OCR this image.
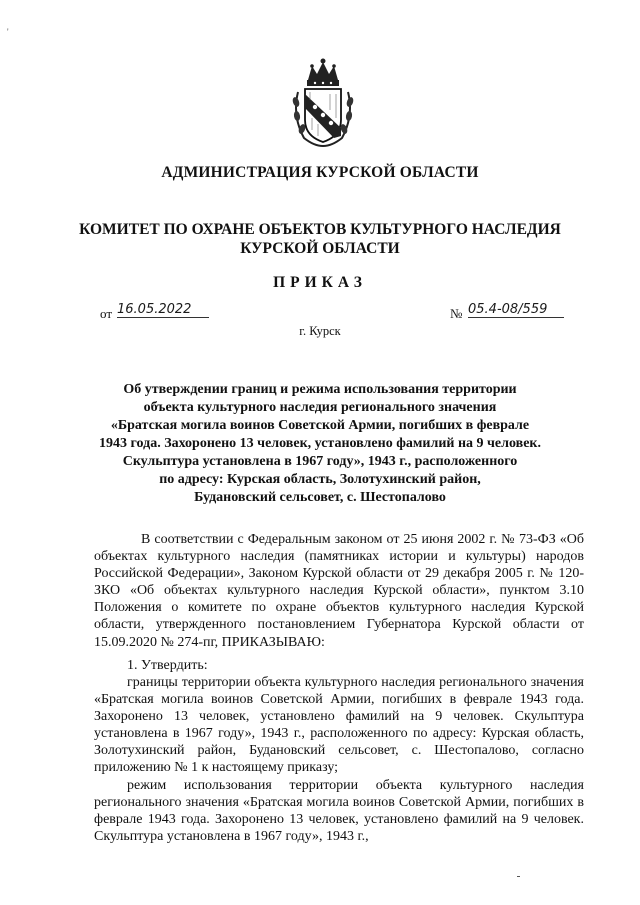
'
АДМИНИСТРАЦИЯ КУРСКОЙ ОБЛАСТИ
КОМИТЕТ ПО ОХРАНЕ ОБЪЕКТОВ КУЛЬТУРНОГО НАСЛЕДИЯ
КУРСКОЙ ОБЛАСТИ
ПРИКАЗ
от 16.05.2022	№ 05.4-08/559
г. Курск
Об утверждении границ и режима использования территории
объекта культурного наследия регионального значения
«Братская могила воинов Советской Армии, погибших в феврале
1943 года. Захоронено 13 человек, установлено фамилий на 9 человек.
Скульптура установлена в 1967 году», 1943 г., расположенного
по адресу: Курская область, Золотухинский район,
Будановский сельсовет, с. Шестопалово
В соответствии с Федеральным законом от 25 июня 2002 г. № 73-ФЗ «Об объектах культурного наследия (памятниках истории и культуры) народов Российской Федерации», Законом Курской области от 29 декабря 2005 г. № 120-ЗКО «Об объектах культурного наследия Курской области», пунктом 3.10 Положения о комитете по охране объектов культурного наследия Курской области, утвержденного постановлением Губернатора Курской области от 15.09.2020 № 274-пг, ПРИКАЗЫВАЮ:
1. Утвердить:
границы территории объекта культурного наследия регионального значения «Братская могила воинов Советской Армии, погибших в феврале 1943 года. Захоронено 13 человек, установлено фамилий на 9 человек. Скульптура установлена в 1967 году», 1943 г., расположенного по адресу: Курская область, Золотухинский район, Будановский сельсовет, с. Шестопалово, согласно приложению № 1 к настоящему приказу;
режим использования территории объекта культурного наследия регионального значения «Братская могила воинов Советской Армии, погибших в феврале 1943 года. Захоронено 13 человек, установлено фамилий на 9 человек. Скульптура установлена в 1967 году», 1943 г.,
